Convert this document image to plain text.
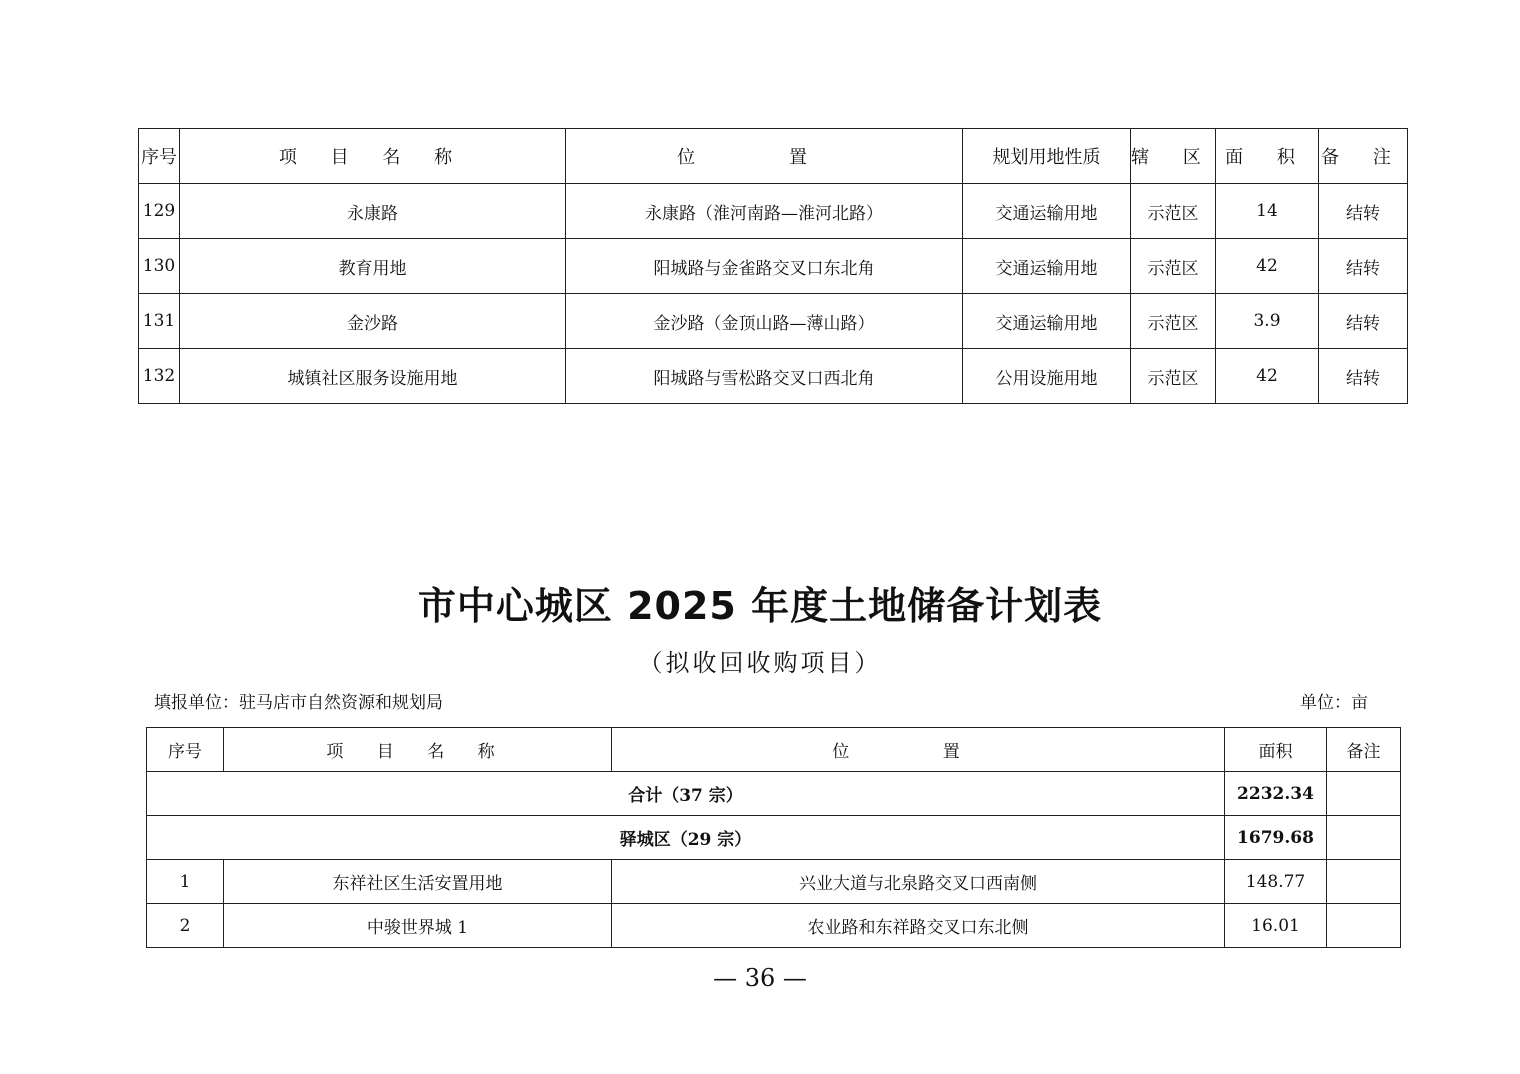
序号	项 目 名 称	位 置	规划用地性质	辖 区	面 积	备 注
129	永康路	永康路（淮河南路—淮河北路）	交通运输用地	示范区	14	结转
130	教育用地	阳城路与金雀路交叉口东北角	交通运输用地	示范区	42	结转
131	金沙路	金沙路（金顶山路—薄山路）	交通运输用地	示范区	3.9	结转
132	城镇社区服务设施用地	阳城路与雪松路交叉口西北角	公用设施用地	示范区	42	结转
市中心城区 2025 年度土地储备计划表
（拟收回收购项目）
填报单位：驻马店市自然资源和规划局	单位：亩
序号	项 目 名 称	位 置	面积	备注
合计（37 宗）			2232.34	
驿城区（29 宗）			1679.68	
1	东祥社区生活安置用地	兴业大道与北泉路交叉口西南侧	148.77	
2	中骏世界城 1	农业路和东祥路交叉口东北侧	16.01	
— 36 —
